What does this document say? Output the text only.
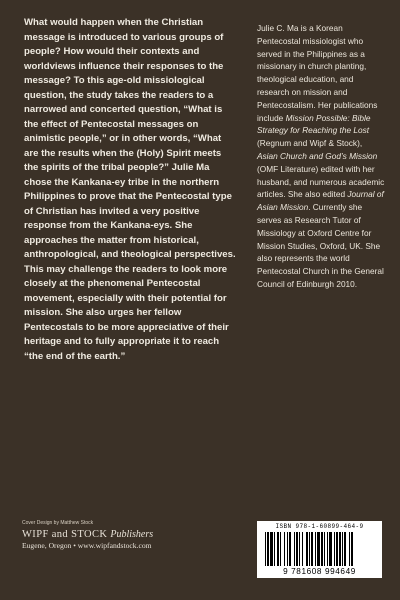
What would happen when the Christian message is introduced to various groups of people? How would their contexts and worldviews influence their responses to the message? To this age-old missiological question, the study takes the readers to a narrowed and concerted question, “What is the effect of Pentecostal messages on animistic people,” or in other words, “What are the results when the (Holy) Spirit meets the spirits of the tribal people?” Julie Ma chose the Kankana-ey tribe in the northern Philippines to prove that the Pentecostal type of Christian has invited a very positive response from the Kankana-eys. She approaches the matter from historical, anthropological, and theological perspectives. This may challenge the readers to look more closely at the phenomenal Pentecostal movement, especially with their potential for mission. She also urges her fellow Pentecostals to be more appreciative of their heritage and to fully appropriate it to reach “the end of the earth.”
Julie C. Ma is a Korean Pentecostal missiologist who served in the Philippines as a missionary in church planting, theological education, and research on mission and Pentecostalism. Her publications include Mission Possible: Bible Strategy for Reaching the Lost (Regnum and Wipf & Stock), Asian Church and God’s Mission (OMF Literature) edited with her husband, and numerous academic articles. She also edited Journal of Asian Mission. Currently she serves as Research Tutor of Missiology at Oxford Centre for Mission Studies, Oxford, UK. She also represents the world Pentecostal Church in the General Council of Edinburgh 2010.
Cover Design by Matthew Stock
WIPF and STOCK Publishers
Eugene, Oregon • www.wipfandstock.com
ISBN 978-1-60899-464-9
9 781608 994649
